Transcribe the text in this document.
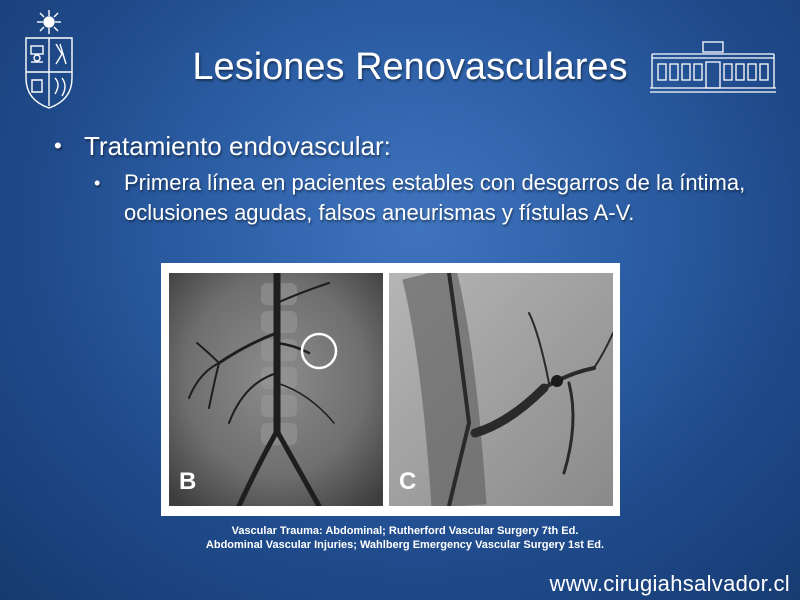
Lesiones Renovasculares
• Tratamiento endovascular:
• Primera línea en pacientes estables con desgarros de la íntima, oclusiones agudas, falsos aneurismas y fístulas A-V.
B	C
Vascular Trauma: Abdominal; Rutherford Vascular Surgery 7th Ed.
Abdominal Vascular Injuries; Wahlberg Emergency Vascular Surgery 1st Ed.
www.cirugiahsalvador.cl
